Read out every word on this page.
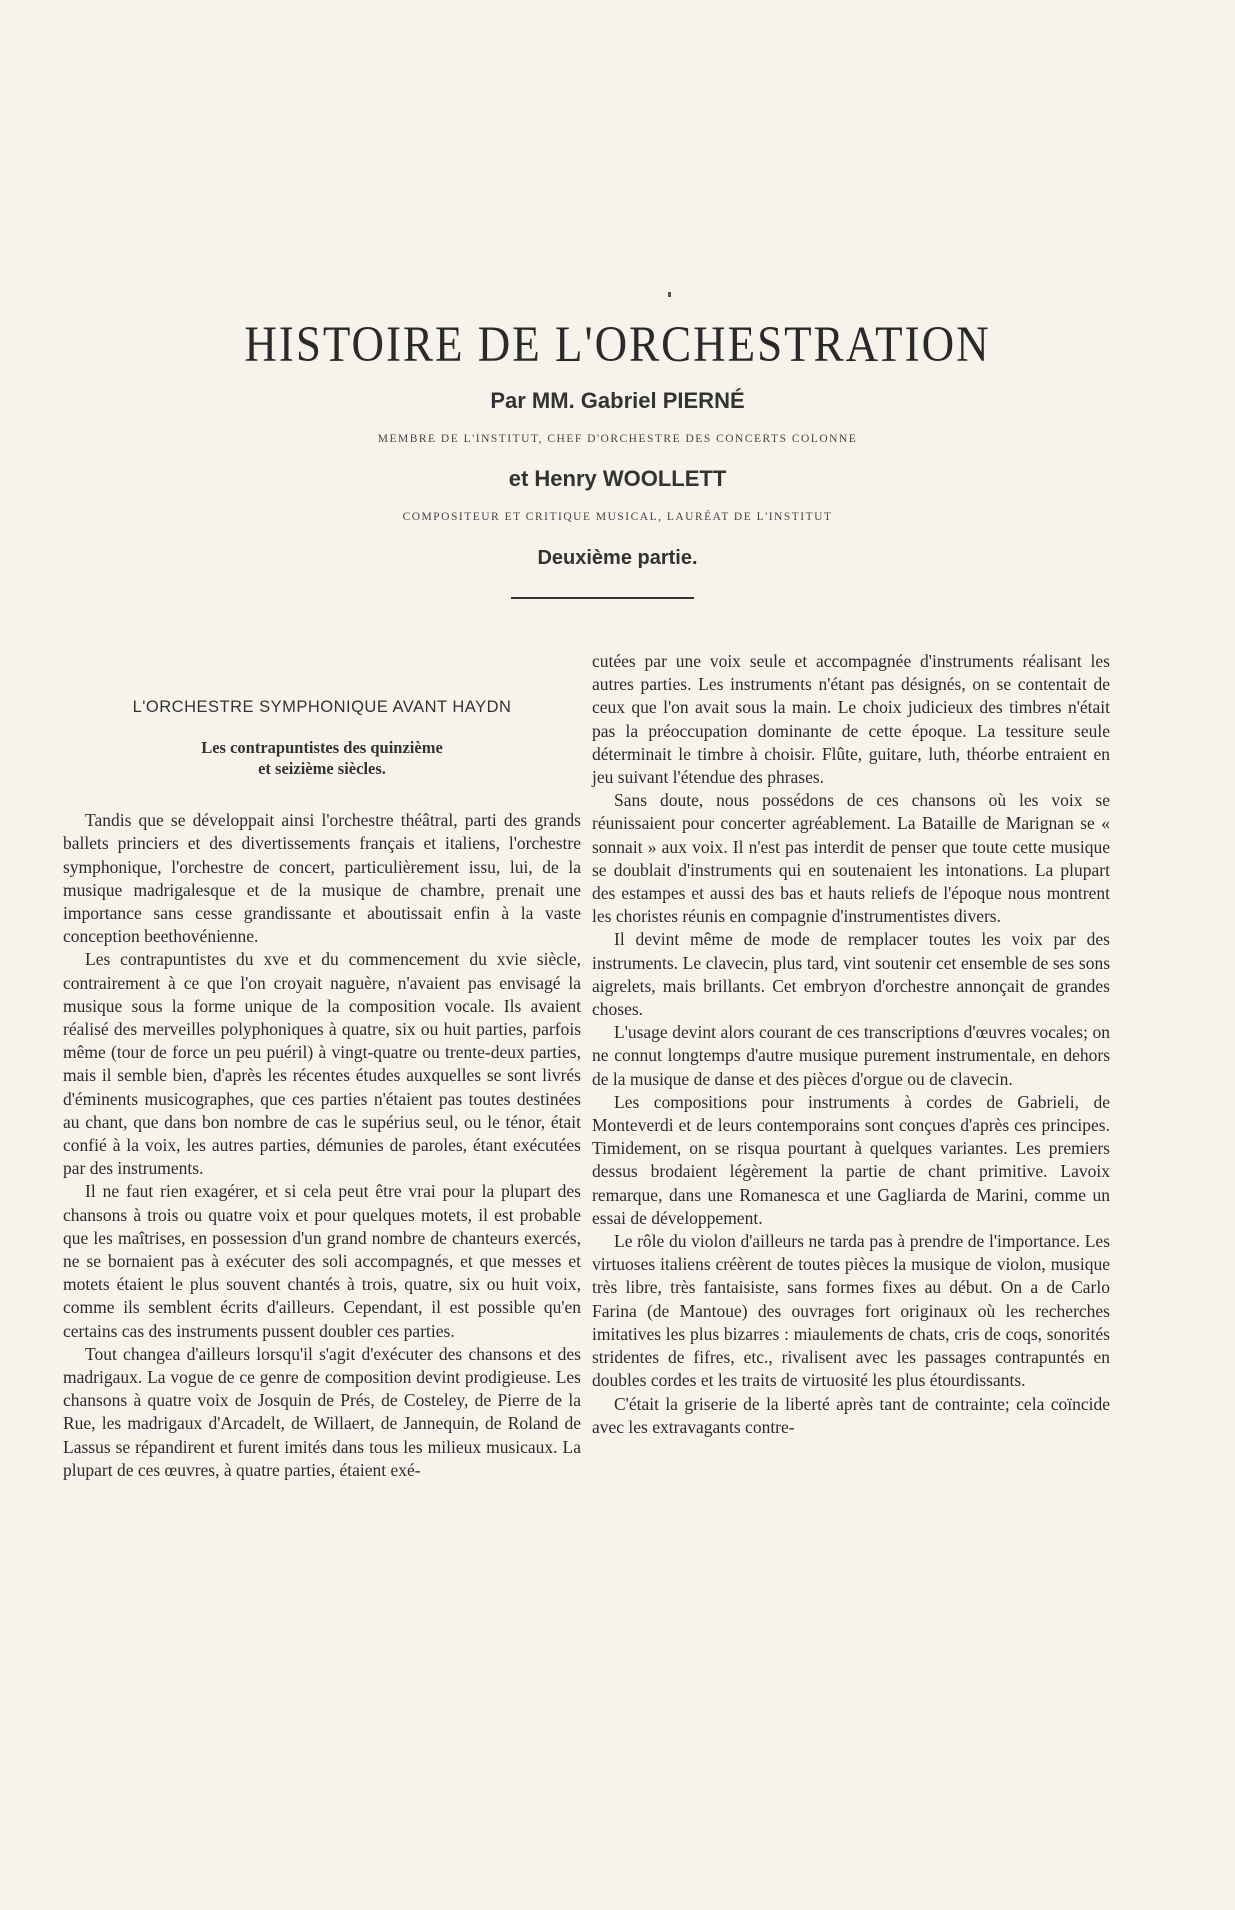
HISTOIRE DE L'ORCHESTRATION
Par MM. Gabriel PIERNÉ
MEMBRE DE L'INSTITUT, CHEF D'ORCHESTRE DES CONCERTS COLONNE
et Henry WOOLLETT
COMPOSITEUR ET CRITIQUE MUSICAL, LAURÉAT DE L'INSTITUT
Deuxième partie.
L'ORCHESTRE SYMPHONIQUE AVANT HAYDN
Les contrapuntistes des quinzième
et seizième siècles.

Tandis que se développait ainsi l'orchestre théâtral, parti des grands ballets princiers et des divertissements français et italiens, l'orchestre symphonique, l'orchestre de concert, particulièrement issu, lui, de la musique madrigalesque et de la musique de chambre, prenait une importance sans cesse grandissante et aboutissait enfin à la vaste conception beethovénienne.

Les contrapuntistes du xve et du commencement du xvie siècle, contrairement à ce que l'on croyait naguère, n'avaient pas envisagé la musique sous la forme unique de la composition vocale. Ils avaient réalisé des merveilles polyphoniques à quatre, six ou huit parties, parfois même (tour de force un peu puéril) à vingt-quatre ou trente-deux parties, mais il semble bien, d'après les récentes études auxquelles se sont livrés d'éminents musicographes, que ces parties n'étaient pas toutes destinées au chant, que dans bon nombre de cas le supérius seul, ou le ténor, était confié à la voix, les autres parties, démunies de paroles, étant exécutées par des instruments.

Il ne faut rien exagérer, et si cela peut être vrai pour la plupart des chansons à trois ou quatre voix et pour quelques motets, il est probable que les maîtrises, en possession d'un grand nombre de chanteurs exercés, ne se bornaient pas à exécuter des soli accompagnés, et que messes et motets étaient le plus souvent chantés à trois, quatre, six ou huit voix, comme ils semblent écrits d'ailleurs. Cependant, il est possible qu'en certains cas des instruments pussent doubler ces parties.

Tout changea d'ailleurs lorsqu'il s'agit d'exécuter des chansons et des madrigaux. La vogue de ce genre de composition devint prodigieuse. Les chansons à quatre voix de Josquin de Prés, de Costeley, de Pierre de la Rue, les madrigaux d'Arcadelt, de Willaert, de Jannequin, de Roland de Lassus se répandirent et furent imités dans tous les milieux musicaux. La plupart de ces œuvres, à quatre parties, étaient exé-

cutées par une voix seule et accompagnée d'instruments réalisant les autres parties. Les instruments n'étant pas désignés, on se contentait de ceux que l'on avait sous la main. Le choix judicieux des timbres n'était pas la préoccupation dominante de cette époque. La tessiture seule déterminait le timbre à choisir. Flûte, guitare, luth, théorbe entraient en jeu suivant l'étendue des phrases.

Sans doute, nous possédons de ces chansons où les voix se réunissaient pour concerter agréablement. La Bataille de Marignan se « sonnait » aux voix. Il n'est pas interdit de penser que toute cette musique se doublait d'instruments qui en soutenaient les intonations. La plupart des estampes et aussi des bas et hauts reliefs de l'époque nous montrent les choristes réunis en compagnie d'instrumentistes divers.

Il devint même de mode de remplacer toutes les voix par des instruments. Le clavecin, plus tard, vint soutenir cet ensemble de ses sons aigrelets, mais brillants. Cet embryon d'orchestre annonçait de grandes choses.

L'usage devint alors courant de ces transcriptions d'œuvres vocales; on ne connut longtemps d'autre musique purement instrumentale, en dehors de la musique de danse et des pièces d'orgue ou de clavecin.

Les compositions pour instruments à cordes de Gabrieli, de Monteverdi et de leurs contemporains sont conçues d'après ces principes. Timidement, on se risqua pourtant à quelques variantes. Les premiers dessus brodaient légèrement la partie de chant primitive. Lavoix remarque, dans une Romanesca et une Gagliarda de Marini, comme un essai de développement.

Le rôle du violon d'ailleurs ne tarda pas à prendre de l'importance. Les virtuoses italiens créèrent de toutes pièces la musique de violon, musique très libre, très fantaisiste, sans formes fixes au début. On a de Carlo Farina (de Mantoue) des ouvrages fort originaux où les recherches imitatives les plus bizarres : miaulements de chats, cris de coqs, sonorités stridentes de fifres, etc., rivalisent avec les passages contrapuntés en doubles cordes et les traits de virtuosité les plus étourdissants.

C'était la griserie de la liberté après tant de contrainte; cela coïncide avec les extravagants contre-
